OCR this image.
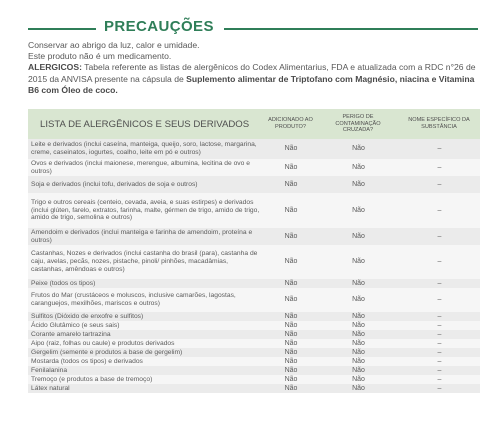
PRECAUÇÕES

Conservar ao abrigo da luz, calor e umidade.

Este produto não é um medicamento.

ALERGICOS: Tabela referente as listas de alergênicos do Codex Alimentarius, FDA e atualizada com a RDC n°26 de 2015 da ANVISA presente na cápsula de Suplemento alimentar de Triptofano com Magnésio, niacina e Vitamina B6 com Óleo de coco.

LISTA DE ALERGÊNICOS E SEUS DERIVADOS	ADICIONADO AO PRODUTO?	PERIGO DE CONTAMINAÇÃO CRUZADA?	NOME ESPECÍFICO DA SUBSTÂNCIA
Leite e derivados (inclui caseína, manteiga, queijo, soro, lactose, margarina, creme, caseinatos, iogurtes, coalho, leite em pó e outros)	Não	Não	–
Ovos e derivados (inclui maionese, merengue, albumina, lecitina de ovo e outros)	Não	Não	–
Soja e derivados (inclui tofu, derivados de soja e outros)	Não	Não	–
Trigo e outros cereais (centeio, cevada, aveia, e suas estirpes) e derivados (inclui glúten, farelo, extratos, farinha, malte, gérmen de trigo, amido de trigo, amido de trigo, semolina e outros)	Não	Não	–
Amendoim e derivados (inclui manteiga e farinha de amendoim, proteína e outros)	Não	Não	–
Castanhas, Nozes e derivados (inclui castanha do brasil (para), castanha de caju, avelas, pecãs, nozes, pistache, pinoli/ pinhões, macadâmias, castanhas, amêndoas e outros)	Não	Não	–
Peixe (todos os tipos)	Não	Não	–
Frutos do Mar (crustáceos e moluscos, inclusive camarões, lagostas, caranguejos, mexilhões, mariscos e outros)	Não	Não	–
Sulfitos (Dióxido de enxofre e sulfitos)	Não	Não	–
Ácido Glutâmico (e seus sais)	Não	Não	–
Corante amarelo tartrazina	Não	Não	–
Aipo (raiz, folhas ou caule) e produtos derivados	Não	Não	–
Gergelim (semente e produtos a base de gergelim)	Não	Não	–
Mostarda (todos os tipos) e derivados	Não	Não	–
Fenilalanina	Não	Não	–
Tremoço (e produtos a base de tremoço)	Não	Não	–
Látex natural	Não	Não	–
